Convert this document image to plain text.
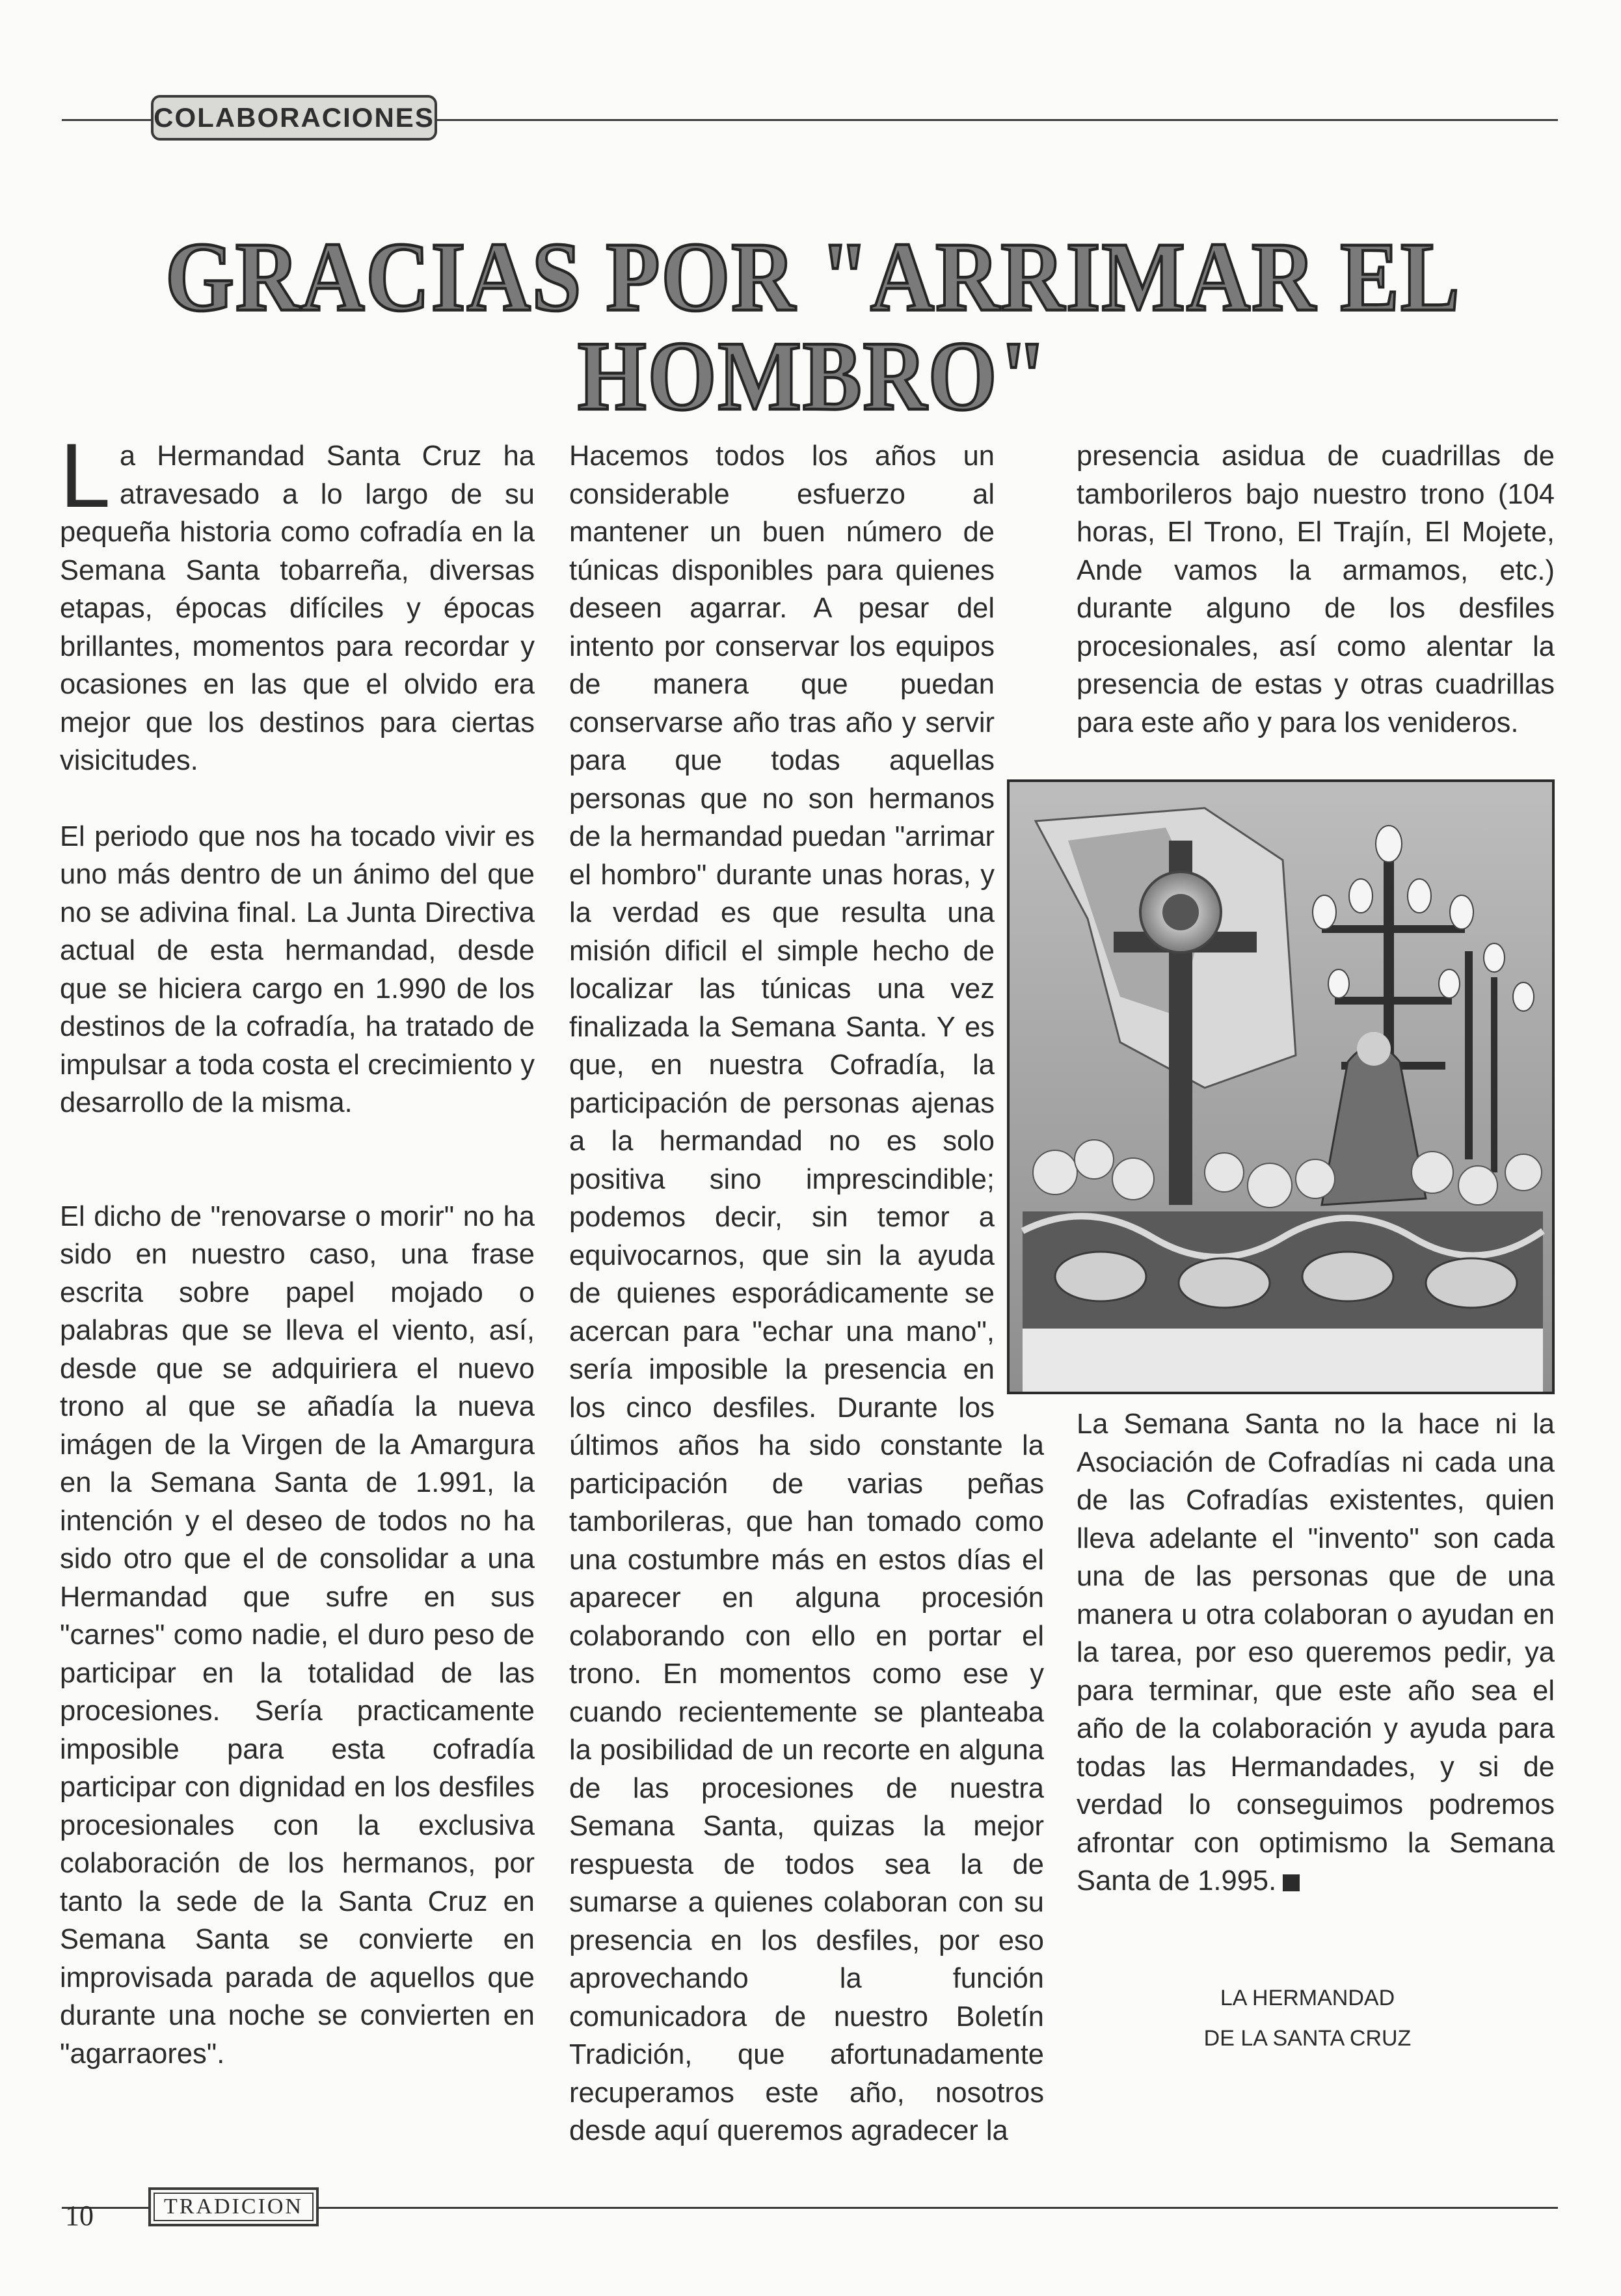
COLABORACIONES
GRACIAS POR "ARRIMAR EL HOMBRO"

L a Hermandad Santa Cruz ha atravesado a lo largo de su pequeña historia como cofradía en la Semana Santa tobarreña, diversas etapas, épocas difíciles y épocas brillantes, momentos para recordar y ocasiones en las que el olvido era mejor que los destinos para ciertas visicitudes.

El periodo que nos ha tocado vivir es uno más dentro de un ánimo del que no se adivina final. La Junta Directiva actual de esta hermandad, desde que se hiciera cargo en 1.990 de los destinos de la cofradía, ha tratado de impulsar a toda costa el crecimiento y desarrollo de la misma.

El dicho de "renovarse o morir" no ha sido en nuestro caso, una frase escrita sobre papel mojado o palabras que se lleva el viento, así, desde que se adquiriera el nuevo trono al que se añadía la nueva imágen de la Virgen de la Amargura en la Semana Santa de 1.991, la intención y el deseo de todos no ha sido otro que el de consolidar a una Hermandad que sufre en sus "carnes" como nadie, el duro peso de participar en la totalidad de las procesiones. Sería practicamente imposible para esta cofradía participar con dignidad en los desfiles procesionales con la exclusiva colaboración de los hermanos, por tanto la sede de la Santa Cruz en Semana Santa se convierte en improvisada parada de aquellos que durante una noche se convierten en "agarraores".

Hacemos todos los años un considerable esfuerzo al mantener un buen número de túnicas disponibles para quienes deseen agarrar. A pesar del intento por conservar los equipos de manera que puedan conservarse año tras año y servir para que todas aquellas personas que no son hermanos de la hermandad puedan "arrimar el hombro" durante unas horas, y la verdad es que resulta una misión dificil el simple hecho de localizar las túnicas una vez finalizada la Semana Santa. Y es que, en nuestra Cofradía, la participación de personas ajenas a la hermandad no es solo positiva sino imprescindible; podemos decir, sin temor a equivocarnos, que sin la ayuda de quienes esporádicamente se acercan para "echar una mano", sería imposible la presencia en los cinco desfiles. Durante los últimos años ha sido constante la participación de varias peñas tamborileras, que han tomado como una costumbre más en estos días el aparecer en alguna procesión colaborando con ello en portar el trono. En momentos como ese y cuando recientemente se planteaba la posibilidad de un recorte en alguna de las procesiones de nuestra Semana Santa, quizas la mejor respuesta de todos sea la de sumarse a quienes colaboran con su presencia en los desfiles, por eso aprovechando la función comunicadora de nuestro Boletín Tradición, que afortunadamente recuperamos este año, nosotros desde aquí queremos agradecer la

presencia asidua de cuadrillas de tamborileros bajo nuestro trono (104 horas, El Trono, El Trajín, El Mojete, Ande vamos la armamos, etc.) durante alguno de los desfiles procesionales, así como alentar la presencia de estas y otras cuadrillas para este año y para los venideros.

La Semana Santa no la hace ni la Asociación de Cofradías ni cada una de las Cofradías existentes, quien lleva adelante el "invento" son cada una de las personas que de una manera u otra colaboran o ayudan en la tarea, por eso queremos pedir, ya para terminar, que este año sea el año de la colaboración y ayuda para todas las Hermandades, y si de verdad lo conseguimos podremos afrontar con optimismo la Semana Santa de 1.995.

LA HERMANDAD
DE LA SANTA CRUZ
10	TRADICION
